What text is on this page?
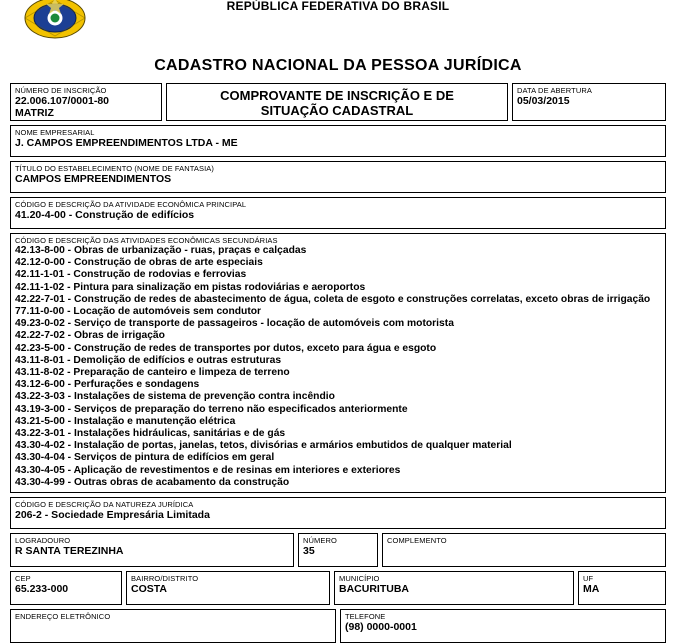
REPÚBLICA FEDERATIVA DO BRASIL
CADASTRO NACIONAL DA PESSOA JURÍDICA
NÚMERO DE INSCRIÇÃO
22.006.107/0001-80
MATRIZ
COMPROVANTE DE INSCRIÇÃO E DE
SITUAÇÃO CADASTRAL
DATA DE ABERTURA
05/03/2015
NOME EMPRESARIAL
J. CAMPOS EMPREENDIMENTOS LTDA - ME
TÍTULO DO ESTABELECIMENTO (NOME DE FANTASIA)
CAMPOS EMPREENDIMENTOS
CÓDIGO E DESCRIÇÃO DA ATIVIDADE ECONÔMICA PRINCIPAL
41.20-4-00 - Construção de edifícios
CÓDIGO E DESCRIÇÃO DAS ATIVIDADES ECONÔMICAS SECUNDÁRIAS
42.13-8-00 - Obras de urbanização - ruas, praças e calçadas
42.12-0-00 - Construção de obras de arte especiais
42.11-1-01 - Construção de rodovias e ferrovias
42.11-1-02 - Pintura para sinalização em pistas rodoviárias e aeroportos
42.22-7-01 - Construção de redes de abastecimento de água, coleta de esgoto e construções correlatas, exceto obras de irrigação
77.11-0-00 - Locação de automóveis sem condutor
49.23-0-02 - Serviço de transporte de passageiros - locação de automóveis com motorista
42.22-7-02 - Obras de irrigação
42.23-5-00 - Construção de redes de transportes por dutos, exceto para água e esgoto
43.11-8-01 - Demolição de edifícios e outras estruturas
43.11-8-02 - Preparação de canteiro e limpeza de terreno
43.12-6-00 - Perfurações e sondagens
43.22-3-03 - Instalações de sistema de prevenção contra incêndio
43.19-3-00 - Serviços de preparação do terreno não especificados anteriormente
43.21-5-00 - Instalação e manutenção elétrica
43.22-3-01 - Instalações hidráulicas, sanitárias e de gás
43.30-4-02 - Instalação de portas, janelas, tetos, divisórias e armários embutidos de qualquer material
43.30-4-04 - Serviços de pintura de edifícios em geral
43.30-4-05 - Aplicação de revestimentos e de resinas em interiores e exteriores
43.30-4-99 - Outras obras de acabamento da construção
CÓDIGO E DESCRIÇÃO DA NATUREZA JURÍDICA
206-2 - Sociedade Empresária Limitada
LOGRADOURO
R SANTA TEREZINHA
NÚMERO
35
COMPLEMENTO
CEP
65.233-000
BAIRRO/DISTRITO
COSTA
MUNICÍPIO
BACURITUBA
UF
MA
ENDEREÇO ELETRÔNICO	TELEFONE
(98) 0000-0001
